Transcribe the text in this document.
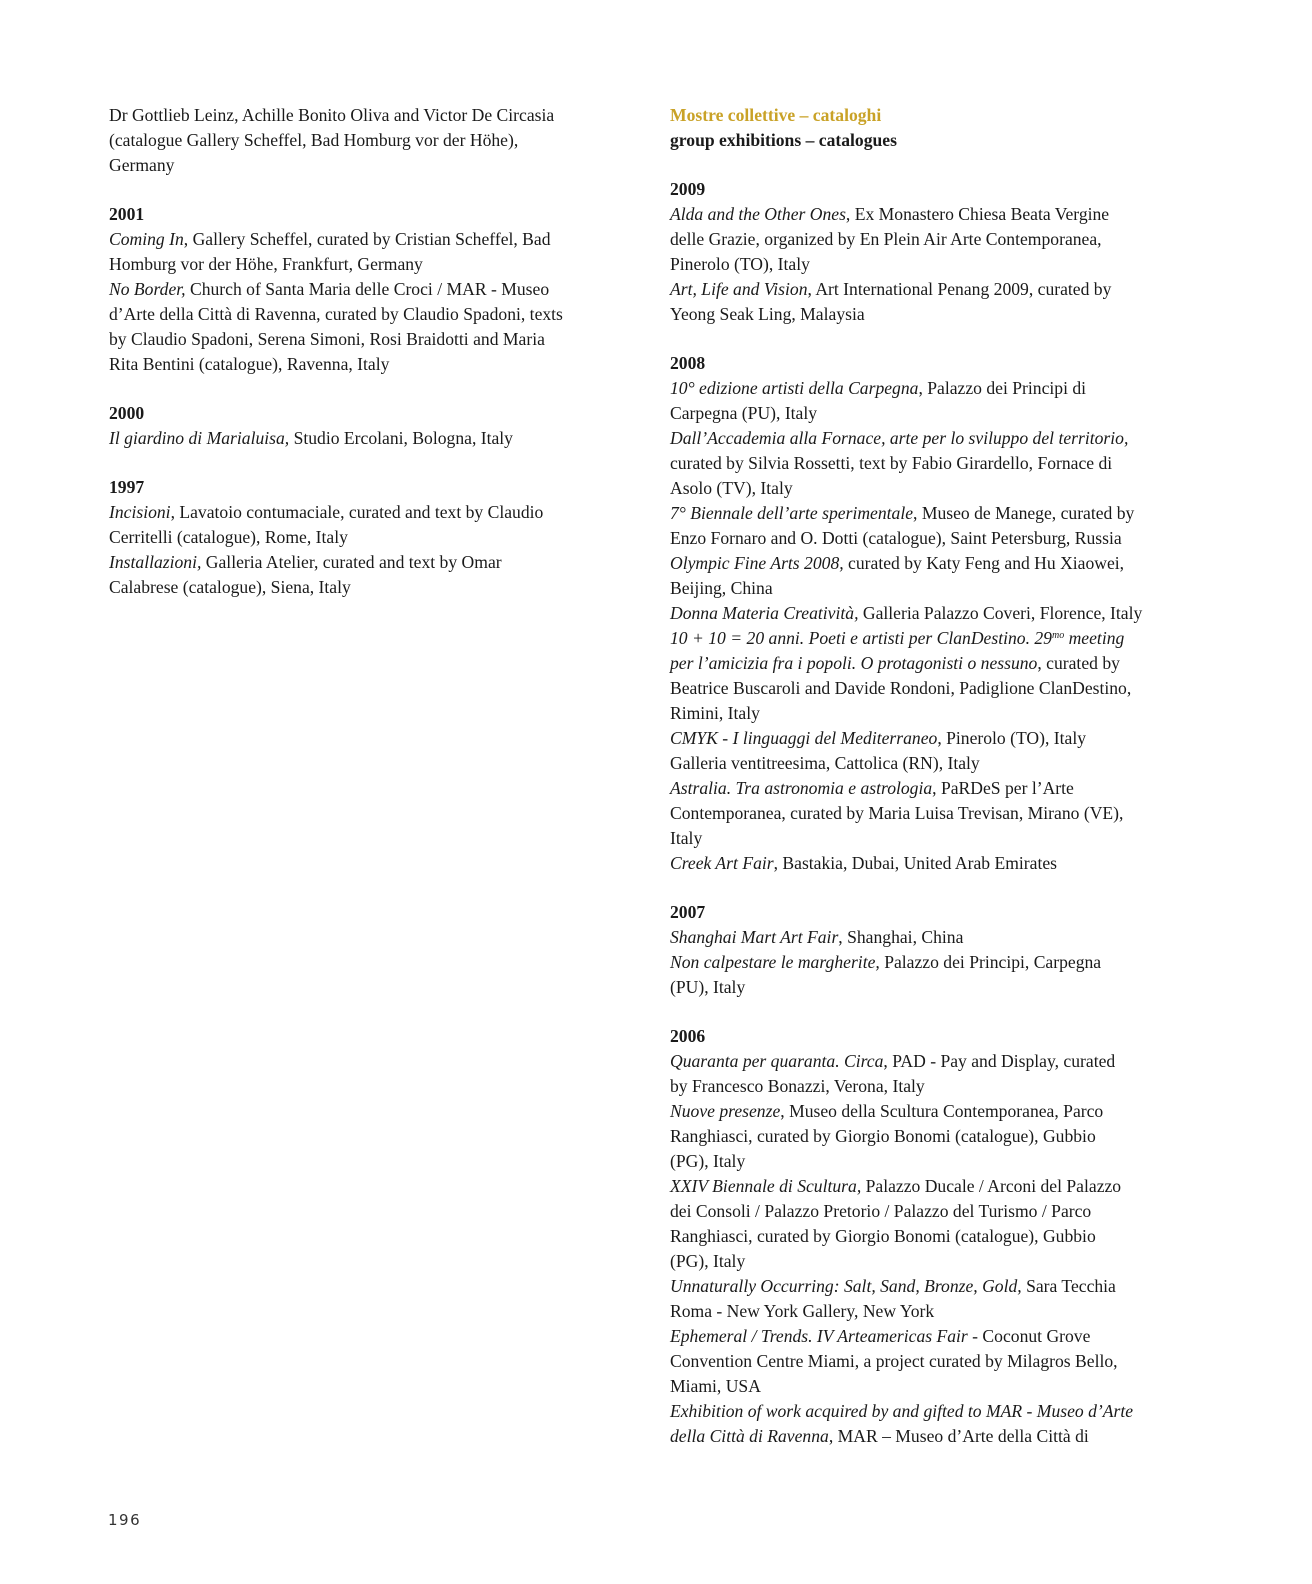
Dr Gottlieb Leinz, Achille Bonito Oliva and Victor De Circasia
(catalogue Gallery Scheffel, Bad Homburg vor der Höhe),
Germany
2001
Coming In, Gallery Scheffel, curated by Cristian Scheffel, Bad
Homburg vor der Höhe, Frankfurt, Germany
No Border, Church of Santa Maria delle Croci / MAR - Museo
d’Arte della Città di Ravenna, curated by Claudio Spadoni, texts
by Claudio Spadoni, Serena Simoni, Rosi Braidotti and Maria
Rita Bentini (catalogue), Ravenna, Italy
2000
Il giardino di Marialuisa, Studio Ercolani, Bologna, Italy
1997
Incisioni, Lavatoio contumaciale, curated and text by Claudio
Cerritelli (catalogue), Rome, Italy
Installazioni, Galleria Atelier, curated and text by Omar
Calabrese (catalogue), Siena, Italy
Mostre collettive – cataloghi
group exhibitions – catalogues
2009
Alda and the Other Ones, Ex Monastero Chiesa Beata Vergine
delle Grazie, organized by En Plein Air Arte Contemporanea,
Pinerolo (TO), Italy
Art, Life and Vision, Art International Penang 2009, curated by
Yeong Seak Ling, Malaysia
2008
10° edizione artisti della Carpegna, Palazzo dei Principi di
Carpegna (PU), Italy
Dall’Accademia alla Fornace, arte per lo sviluppo del territorio,
curated by Silvia Rossetti, text by Fabio Girardello, Fornace di
Asolo (TV), Italy
7° Biennale dell’arte sperimentale, Museo de Manege, curated by
Enzo Fornaro and O. Dotti (catalogue), Saint Petersburg, Russia
Olympic Fine Arts 2008, curated by Katy Feng and Hu Xiaowei,
Beijing, China
Donna Materia Creatività, Galleria Palazzo Coveri, Florence, Italy
10 + 10 = 20 anni. Poeti e artisti per ClanDestino. $29^{mo}$ meeting
per l’amicizia fra i popoli. O protagonisti o nessuno, curated by
Beatrice Buscaroli and Davide Rondoni, Padiglione ClanDestino,
Rimini, Italy
CMYK - I linguaggi del Mediterraneo, Pinerolo (TO), Italy
Galleria ventitreesima, Cattolica (RN), Italy
Astralia. Tra astronomia e astrologia, PaRDeS per l’Arte
Contemporanea, curated by Maria Luisa Trevisan, Mirano (VE),
Italy
Creek Art Fair, Bastakia, Dubai, United Arab Emirates
2007
Shanghai Mart Art Fair, Shanghai, China
Non calpestare le margherite, Palazzo dei Principi, Carpegna
(PU), Italy
2006
Quaranta per quaranta. Circa, PAD - Pay and Display, curated
by Francesco Bonazzi, Verona, Italy
Nuove presenze, Museo della Scultura Contemporanea, Parco
Ranghiasci, curated by Giorgio Bonomi (catalogue), Gubbio
(PG), Italy
XXIV Biennale di Scultura, Palazzo Ducale / Arconi del Palazzo
dei Consoli / Palazzo Pretorio / Palazzo del Turismo / Parco
Ranghiasci, curated by Giorgio Bonomi (catalogue), Gubbio
(PG), Italy
Unnaturally Occurring: Salt, Sand, Bronze, Gold, Sara Tecchia
Roma - New York Gallery, New York
Ephemeral / Trends. IV Arteamericas Fair - Coconut Grove
Convention Centre Miami, a project curated by Milagros Bello,
Miami, USA
Exhibition of work acquired by and gifted to MAR - Museo d’Arte
della Città di Ravenna, MAR – Museo d’Arte della Città di
196
